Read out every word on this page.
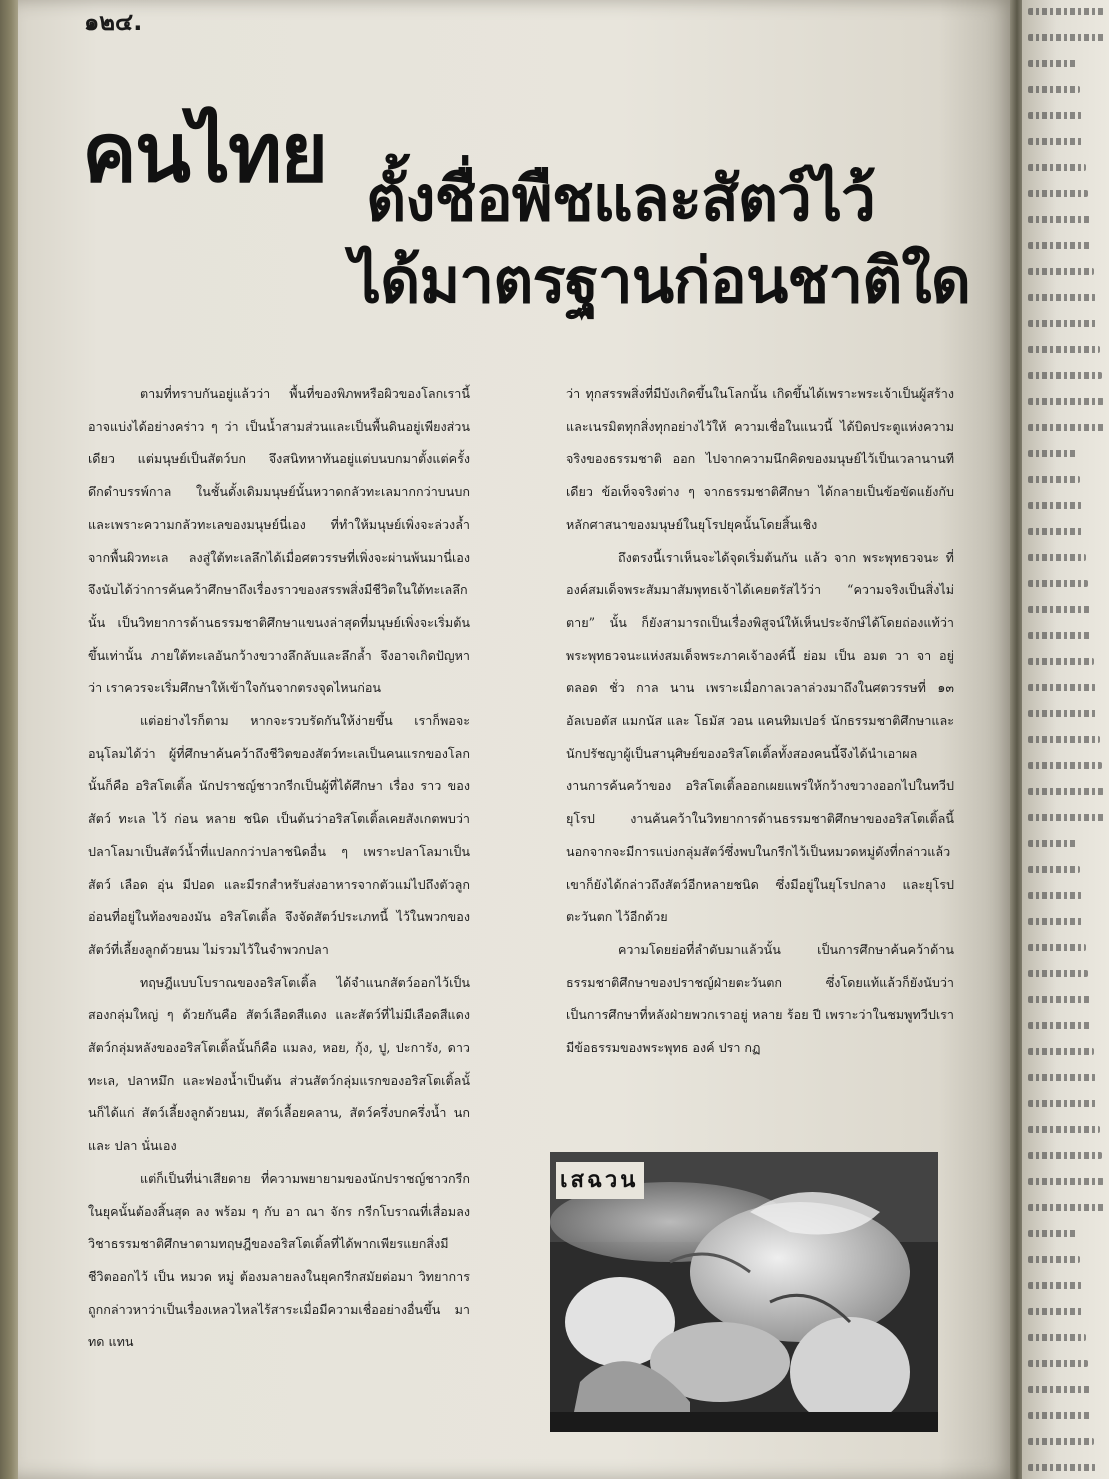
๑๒๔.
คนไทย ตั้งชื่อพืชและสัตว์ไว้
ได้มาตรฐานก่อนชาติใด

ตามที่ทราบกันอยู่แล้วว่า พื้นที่ของพิภพหรือผิวของโลกเรานี้ อาจแบ่งได้อย่างคร่าว ๆ ว่า เป็นน้ำสามส่วนและเป็นพื้นดินอยู่เพียงส่วนเดียว แต่มนุษย์เป็นสัตว์บก จึงสนิทหาทันอยู่แต่บนบกมาตั้งแต่ครั้งดึกดำบรรพ์กาล ในชั้นดั้งเดิมมนุษย์นั้นหวาดกลัวทะเลมากกว่าบนบก และเพราะความกลัวทะเลของมนุษย์นี่เอง ที่ทำให้มนุษย์เพิ่งจะล่วงล้ำจากพื้นผิวทะเล ลงสู่ใต้ทะเลลึกได้เมื่อศตวรรษที่เพิ่งจะผ่านพ้นมานี่เอง จึงนับได้ว่าการค้นคว้าศึกษาถึงเรื่องราวของสรรพสิ่งมีชีวิตในใต้ทะเลลึกนั้น เป็นวิทยาการด้านธรรมชาติศึกษาแขนงล่าสุดที่มนุษย์เพิ่งจะเริ่มต้นขึ้นเท่านั้น ภายใต้ทะเลอันกว้างขวางลึกลับและลึกล้ำ จึงอาจเกิดปัญหาว่า เราควรจะเริ่มศึกษาให้เข้าใจกันจากตรงจุดไหนก่อน

แต่อย่างไรก็ตาม หากจะรวบรัดกันให้ง่ายขึ้น เราก็พอจะอนุโลมได้ว่า ผู้ที่ศึกษาค้นคว้าถึงชีวิตของสัตว์ทะเลเป็นคนแรกของโลกนั้นก็คือ อริสโตเติ้ล นักปราชญ์ชาวกรีกเป็นผู้ที่ได้ศึกษา เรื่อง ราว ของ สัตว์ ทะเล ไว้ ก่อน หลาย ชนิด เป็นต้นว่าอริสโตเติ้ลเคยสังเกตพบว่า ปลาโลมาเป็นสัตว์น้ำที่แปลกกว่าปลาชนิดอื่น ๆ เพราะปลาโลมาเป็น สัตว์ เลือด อุ่น มีปอด และมีรกสำหรับส่งอาหารจากตัวแม่ไปถึงตัวลูกอ่อนที่อยู่ในท้องของมัน อริสโตเติ้ล จึงจัดสัตว์ประเภทนี้ ไว้ในพวกของสัตว์ที่เลี้ยงลูกด้วยนม ไม่รวมไว้ในจำพวกปลา

ทฤษฎีแบบโบราณของอริสโตเติ้ล ได้จำแนกสัตว์ออกไว้เป็นสองกลุ่มใหญ่ ๆ ด้วยกันคือ สัตว์เลือดสีแดง และสัตว์ที่ไม่มีเลือดสีแดง สัตว์กลุ่มหลังของอริสโตเติ้ลนั้นก็คือ แมลง, หอย, กุ้ง, ปู, ปะการัง, ดาวทะเล, ปลาหมึก และฟองน้ำเป็นต้น ส่วนสัตว์กลุ่มแรกของอริสโตเติ้ลนั้นก็ได้แก่ สัตว์เลี้ยงลูกด้วยนม, สัตว์เลื้อยคลาน, สัตว์ครึ่งบกครึ่งน้ำ นก และ ปลา นั่นเอง

แต่ก็เป็นที่น่าเสียดาย ที่ความพยายามของนักปราชญ์ชาวกรีก ในยุคนั้นต้องสิ้นสุด ลง พร้อม ๆ กับ อา ณา จักร กรีกโบราณที่เสื่อมลง วิชาธรรมชาติศึกษาตามทฤษฎีของอริสโตเติ้ลที่ได้พากเพียรแยกสิ่งมีชีวิตออกไว้ เป็น หมวด หมู่ ต้องมลายลงในยุคกรีกสมัยต่อมา วิทยาการถูกกล่าวหาว่าเป็นเรื่องเหลวไหลไร้สาระเมื่อมีความเชื่ออย่างอื่นขึ้น มา ทด แทน

ว่า ทุกสรรพสิ่งที่มีบังเกิดขึ้นในโลกนั้น เกิดขึ้นได้เพราะพระเจ้าเป็นผู้สร้างและเนรมิตทุกสิ่งทุกอย่างไว้ให้ ความเชื่อในแนวนี้ ได้บิดประตูแห่งความจริงของธรรมชาติ ออก ไปจากความนึกคิดของมนุษย์ไว้เป็นเวลานานทีเดียว ข้อเท็จจริงต่าง ๆ จากธรรมชาติศึกษา ได้กลายเป็นข้อขัดแย้งกับหลักศาสนาของมนุษย์ในยุโรปยุคนั้นโดยสิ้นเชิง

ถึงตรงนี้เราเห็นจะได้จุดเริ่มต้นกัน แล้ว จาก พระพุทธวจนะ ที่องค์สมเด็จพระสัมมาสัมพุทธเจ้าได้เคยตรัสไว้ว่า “ความจริงเป็นสิ่งไม่ตาย” นั้น ก็ยังสามารถเป็นเรื่องพิสูจน์ให้เห็นประจักษ์ได้โดยถ่องแท้ว่า พระพุทธวจนะแห่งสมเด็จพระภาคเจ้าองค์นี้ ย่อม เป็น อมต วา จา อยู่ ตลอด ชั่ว กาล นาน เพราะเมื่อกาลเวลาล่วงมาถึงในศตวรรษที่ ๑๓ อัลเบอตัส แมกนัส และ โธมัส วอน แคนทิมเปอร์ นักธรรมชาติศึกษาและนักปรัชญาผู้เป็นสานุศิษย์ของอริสโตเติ้ลทั้งสองคนนี้จึงได้นำเอาผลงานการค้นคว้าของ อริสโตเติ้ลออกเผยแพร่ให้กว้างขวางออกไปในทวีปยุโรป งานค้นคว้าในวิทยาการด้านธรรมชาติศึกษาของอริสโตเติ้ลนี้ นอกจากจะมีการแบ่งกลุ่มสัตว์ซึ่งพบในกรีกไว้เป็นหมวดหมู่ดังที่กล่าวแล้ว เขาก็ยังได้กล่าวถึงสัตว์อีกหลายชนิด ซึ่งมีอยู่ในยุโรปกลาง และยุโรปตะวันตก ไว้อีกด้วย

ความโดยย่อที่ลำดับมาแล้วนั้น เป็นการศึกษาค้นคว้าด้านธรรมชาติศึกษาของปราชญ์ฝ่ายตะวันตก ซึ่งโดยแท้แล้วก็ยังนับว่าเป็นการศึกษาที่หลังฝ่ายพวกเราอยู่ หลาย ร้อย ปี เพราะว่าในชมพูทวีปเรามีข้อธรรมของพระพุทธ องค์ ปรา กฏ

เสฉวน
